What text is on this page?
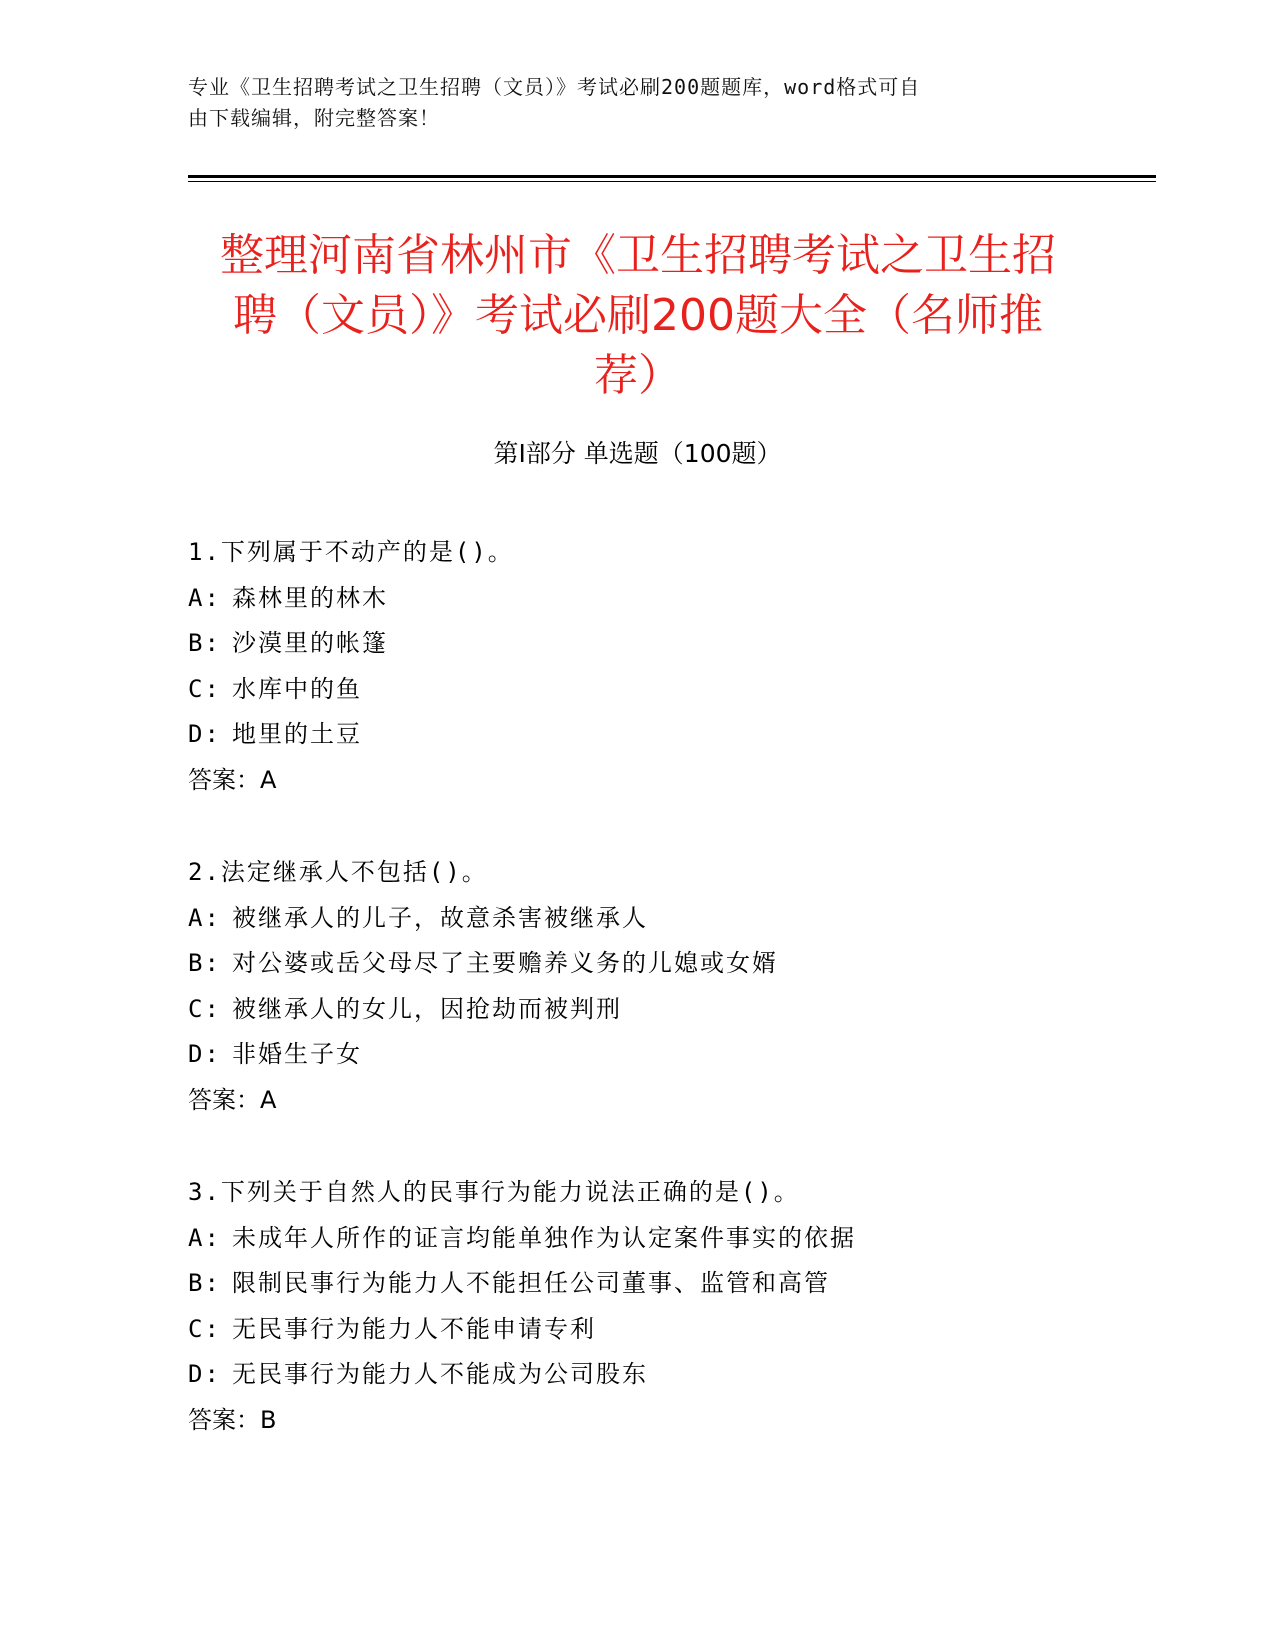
专业《卫生招聘考试之卫生招聘（文员）》考试必刷200题题库，word格式可自
由下载编辑，附完整答案！
整理河南省林州市《卫生招聘考试之卫生招
聘（文员）》考试必刷200题大全（名师推
荐）
第Ⅰ部分 单选题（100题）
1.下列属于不动产的是()。
A: 森林里的林木
B: 沙漠里的帐篷
C: 水库中的鱼
D: 地里的土豆
答案：A
2.法定继承人不包括()。
A: 被继承人的儿子，故意杀害被继承人
B: 对公婆或岳父母尽了主要赡养义务的儿媳或女婿
C: 被继承人的女儿，因抢劫而被判刑
D: 非婚生子女
答案：A
3.下列关于自然人的民事行为能力说法正确的是()。
A: 未成年人所作的证言均能单独作为认定案件事实的依据
B: 限制民事行为能力人不能担任公司董事、监管和高管
C: 无民事行为能力人不能申请专利
D: 无民事行为能力人不能成为公司股东
答案：B
